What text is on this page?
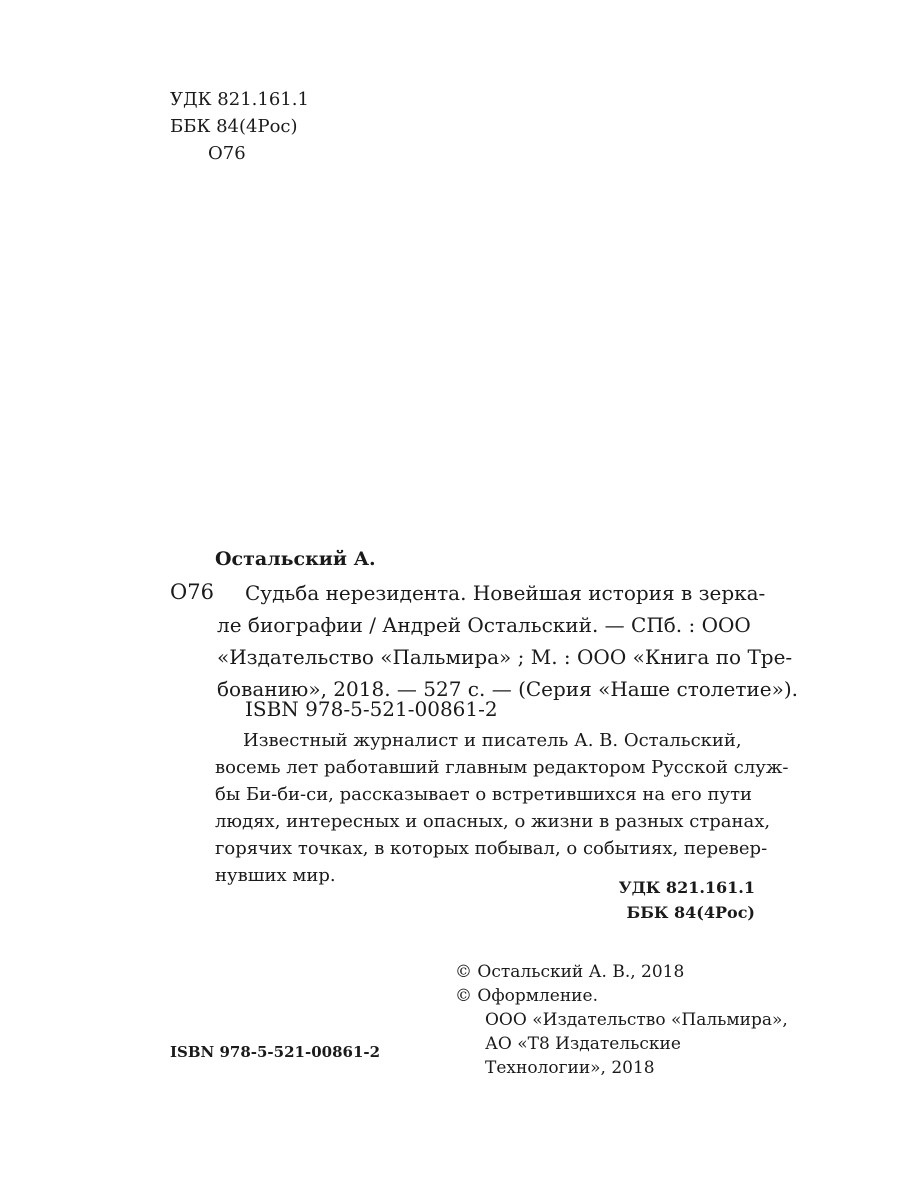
УДК 821.161.1
ББК 84(4Рос)
О76
Остальский А.
О76 Судьба нерезидента. Новейшая история в зерка-
ле биографии / Андрей Остальский. — СПб. : ООО
«Издательство «Пальмира» ; М. : ООО «Книга по Тре-
бованию», 2018. — 527 с. — (Серия «Наше столетие»).
ISBN 978-5-521-00861-2
Известный журналист и писатель А. В. Остальский,
восемь лет работавший главным редактором Русской служ-
бы Би-би-си, рассказывает о встретившихся на его пути
людях, интересных и опасных, о жизни в разных странах,
горячих точках, в которых побывал, о событиях, перевер-
нувших мир.
УДК 821.161.1
ББК 84(4Рос)
© Остальский А. В., 2018
© Оформление.
ООО «Издательство «Пальмира»,
АО «Т8 Издательские
Технологии», 2018
ISBN 978-5-521-00861-2
